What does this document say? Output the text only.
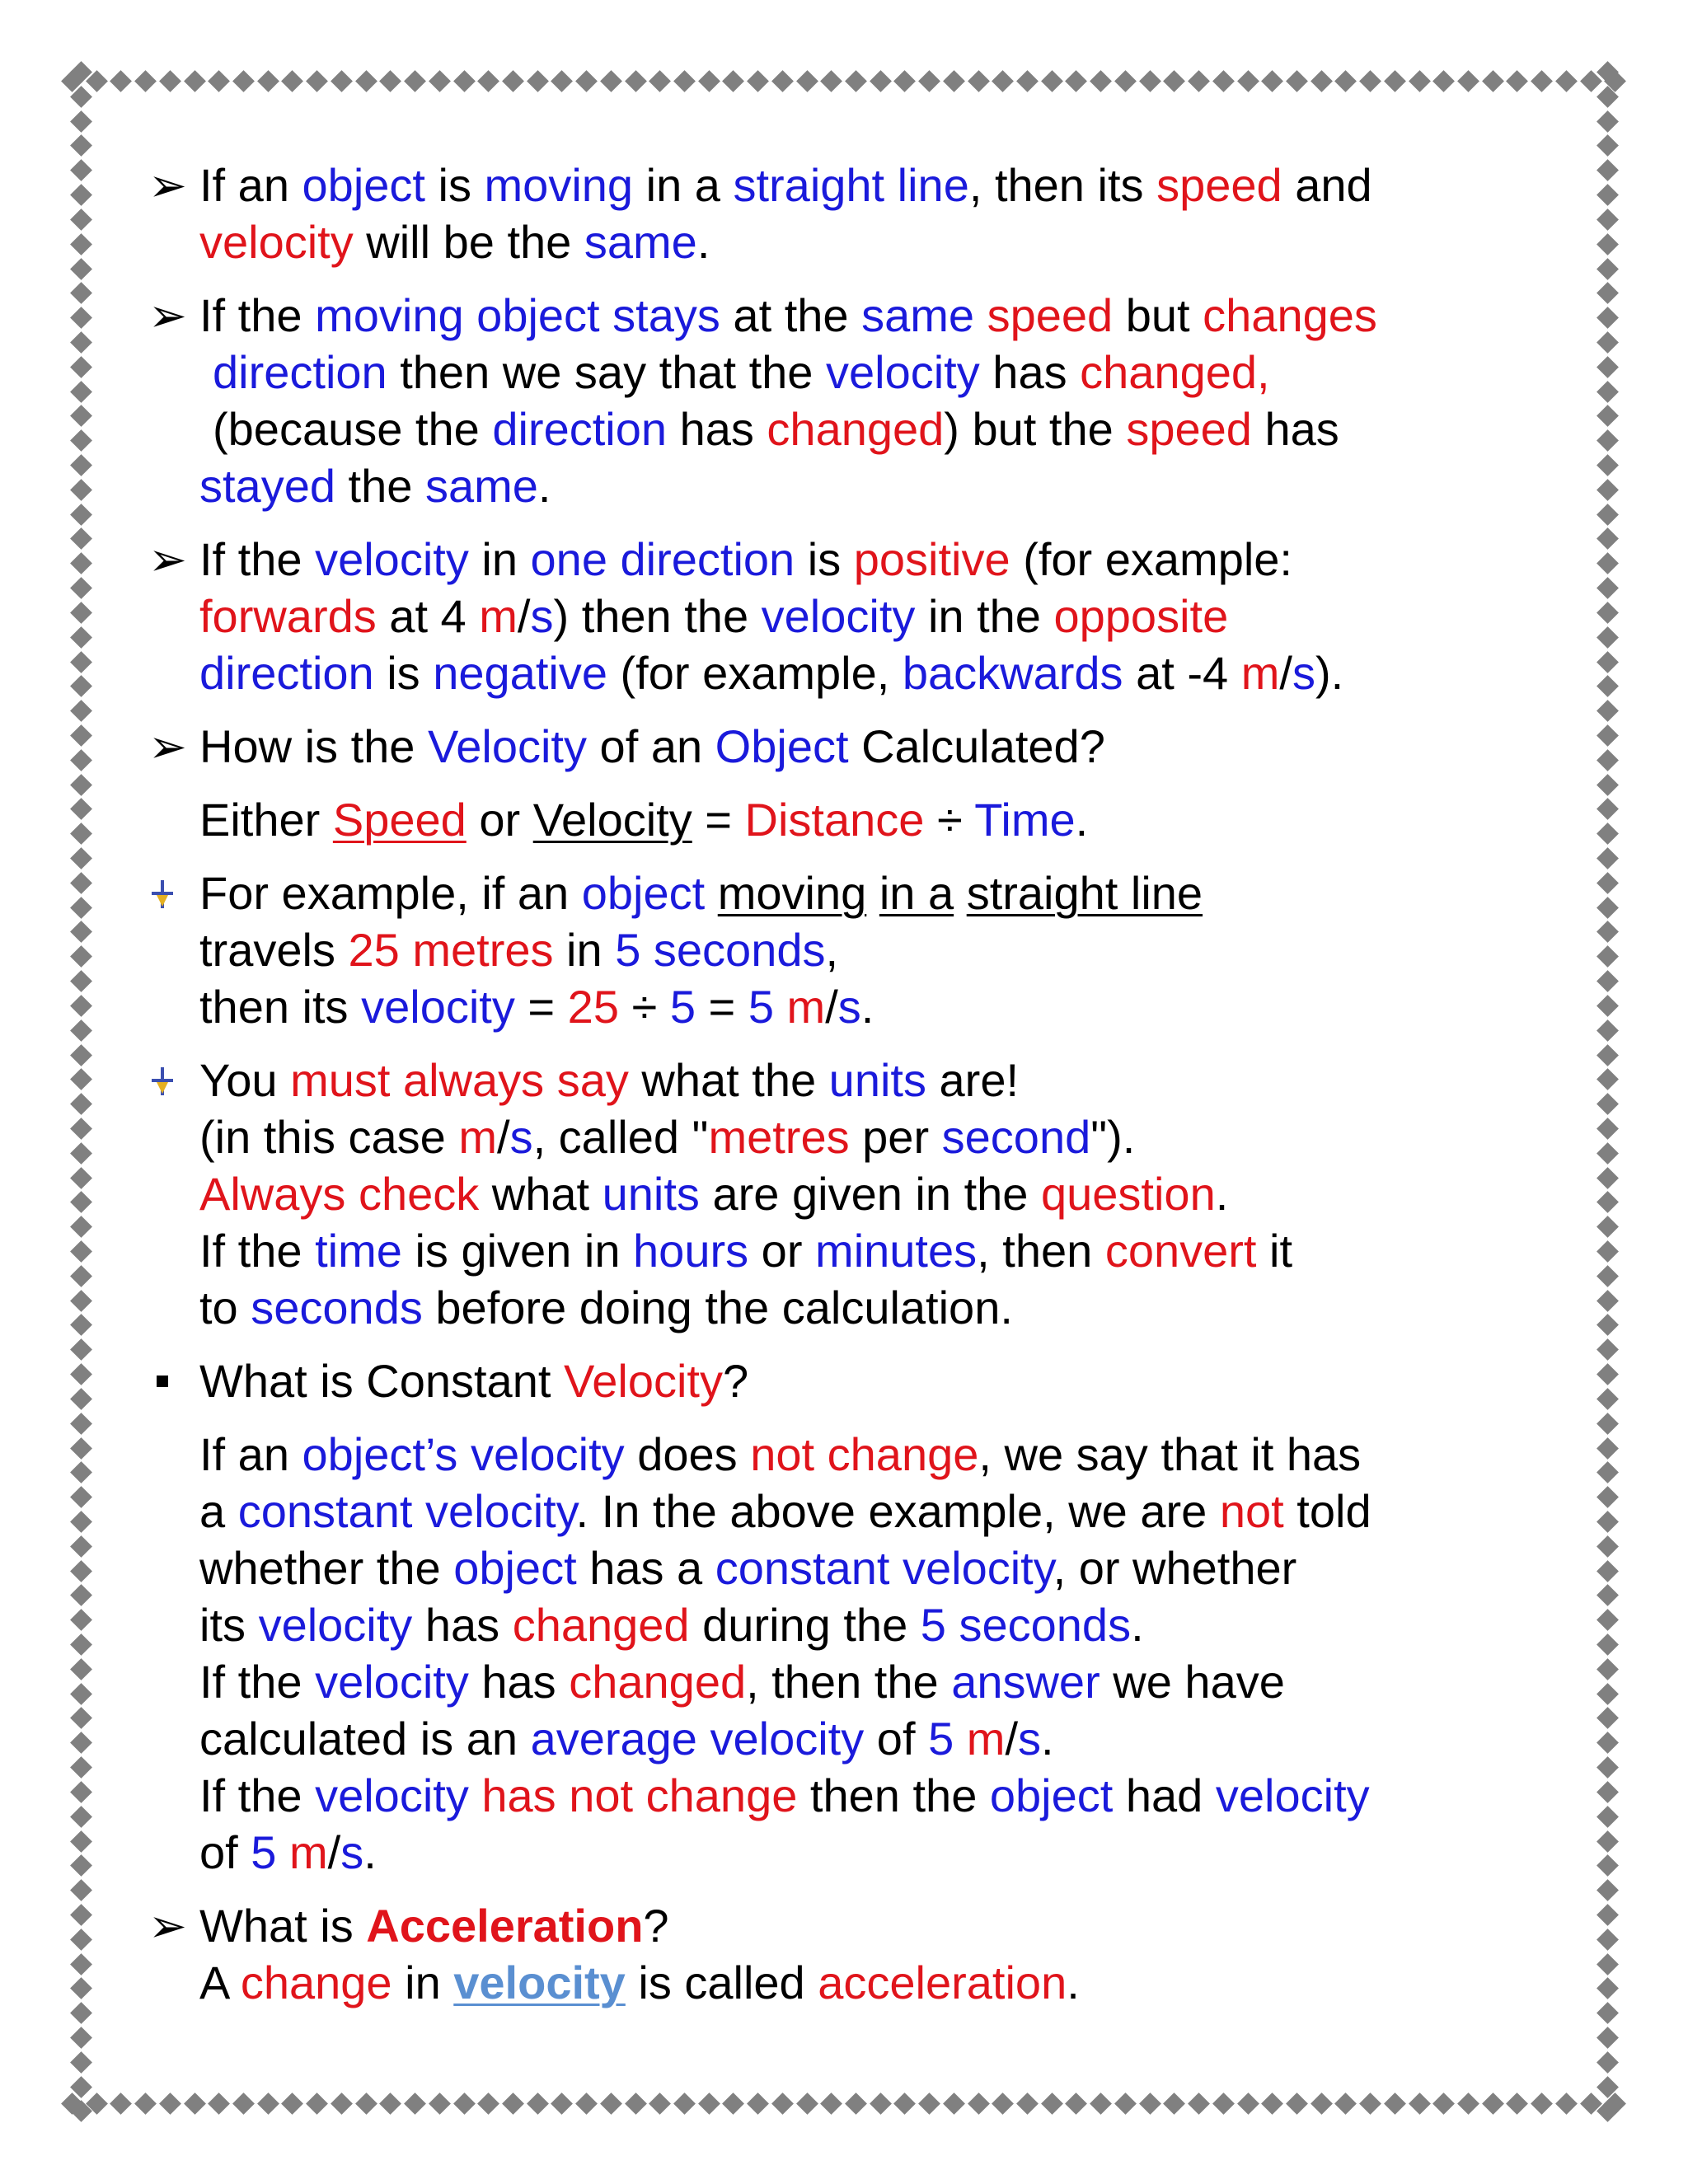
➢ If an object is moving in a straight line, then its speed and
velocity will be the same.
➢ If the moving object stays at the same speed but changes
direction then we say that the velocity has changed,
(because the direction has changed) but the speed has
stayed the same.
➢ If the velocity in one direction is positive (for example:
forwards at 4 m/s) then the velocity in the opposite
direction is negative (for example, backwards at -4 m/s).
➢ How is the Velocity of an Object Calculated?
Either Speed or Velocity = Distance ÷ Time.
For example, if an object moving in a straight line
travels 25 metres in 5 seconds,
then its velocity = 25 ÷ 5 = 5 m/s.
You must always say what the units are!
(in this case m/s, called "metres per second").
Always check what units are given in the question.
If the time is given in hours or minutes, then convert it
to seconds before doing the calculation.
What is Constant Velocity?
If an object’s velocity does not change, we say that it has
a constant velocity. In the above example, we are not told
whether the object has a constant velocity, or whether
its velocity has changed during the 5 seconds.
If the velocity has changed, then the answer we have
calculated is an average velocity of 5 m/s.
If the velocity has not change then the object had velocity
of 5 m/s.
➢ What is Acceleration?
A change in velocity is called acceleration.
